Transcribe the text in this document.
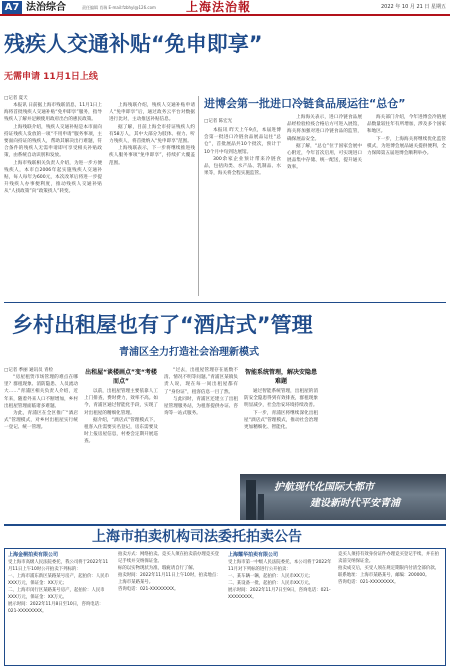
A7 法治综合	责任编辑 肖瑞 E-mail:fzbhyl@126.com	上海法治報	2022 年 10 月 21 日 星期五
残疾人交通补贴“免申即享”
无需申请 11月1日上线
□记者 夏天

本报讯 日前据上海市残联消息，11月1日上海将首批残疾人交通补贴“免申即享”服务，指导残疾人了解并足额使用政府出台的惠民政策。

上海残联介绍，残疾人交通补贴是本市面向持证残疾人发放的一项“不用申请”服务事项，主要面向持证的残疾人，帮助其解决出行难题，符合条件的残疾人无需申请即可享受相关补贴政策，由系统自动识别和发放。

上海市残联相关负责人介绍，为进一步方便残疾人，本市自2006年起实施残疾人交通补贴，每人每年为600元，本次改革后将进一步提升残疾人办事便利度，推动残疾人交通补贴从“人找政策”向“政策找人”转变。

上海残联介绍，残疾人交通补贴申请人“免申即享”后，通过政务云平台对数据进行比对，主动推送补贴信息。

据了解，目前上海全市持证残疾人约有58万人，其中大部分为肢体、视力、听力残疾人，将首批纳入“免申即享”范围。

上海残联表示，下一步将继续推进残疾人服务事项“免申即享”，持续扩大覆盖范围。

进博会第一批进口冷链食品展运往“总仓”
□记者 陈宏光

本报讯 昨天上午9点，本届进博会第一批进口冷链食品展品运往“总仓”，首批展品共10个批次，预计于10个月中旬到达展馆。

300余家企业预计带来冷链食品，包括肉类、水产品、乳制品、水果等，海关将全程实施监管。

上海海关表示，进口冷链食品展品经检验检疫合格后方可进入展馆，海关将加强对进口冷链食品的监管，确保展品安全。

据了解，“总仓”位于国家会展中心附近，今年首次启用，可实现进口展品集中存储、统一配送，提升通关效率。

海关部门介绍，今年进博会冷链展品数量较往年有所增加，涉及多个国家和地区。

下一步，上海海关将继续优化监管模式，为进博会展品通关提供便利，全力保障第五届进博会顺利举办。

乡村出租屋也有了“酒店式”管理
青浦区全力打造社会治理新模式
□记者 季丽 通讯员 青检

“房屋租赁市场管理的难点在哪里？群租现象、消防隐患、人员流动大……”青浦区相关负责人介绍，近年来，随着外来人口不断增加，乡村出租屋管理面临诸多难题。

为此，青浦区在全区推广“酒店式”管理模式，对乡村出租屋实行统一登记、统一管理。

出租屋“谈楼画点”变“考楼而点”

以前，出租屋管理主要依靠人工上门排查，费时费力，效率不高。如今，青浦区通过智能化手段，实现了对出租屋的精细化管理。

据介绍，“酒店式”管理模式下，租客入住需要实名登记，房东需要及时上报房屋信息，村委会定期开展巡查。

“过去，出租屋管理存在底数不清、情况不明等问题。”青浦区某镇负责人说，现在每一间出租屋都有了“身份证”，租客信息一目了然。

与此同时，青浦区还建立了出租屋管理服务站，为租客提供办证、咨询等一站式服务。

智能系统管理，解决安隐患难题

通过智能系统管理，出租屋的消防安全隐患得到有效排查，群租现象明显减少，社会治安环境持续改善。

下一步，青浦区将继续深化出租屋“酒店式”管理模式，推动社会治理更加精细化、智能化。

护航现代化国际大都市
建设新时代平安青浦
上海市拍卖机构司法委托拍卖公告
上海金桐拍卖有限公司

受上海市高级人民法院委托，我公司将于2022年11月11日上午10时公开拍卖下列标的：

一、上海市浦东新区某路某号房产，起拍价：人民币XXX万元，保证金：XX万元；

二、上海市闵行区某路某号房产，起拍价：人民币XXX万元，保证金：XX万元。

展示时间：2022年11月8日至10日，咨询电话：021-XXXXXXXX。

拍卖方式：网络拍卖。竞买人须在拍卖前办理竞买登记手续并交纳保证金。

标的以实物现状为准，瑕疵请自行了解。

拍卖时间：2022年11月11日上午10时，拍卖地点：上海市某路某号。

咨询电话：021-XXXXXXXX。

上海耀华拍卖有限公司

受上海市第一中级人民法院委托，本公司将于2022年11月对下列标的进行公开拍卖：

一、某车辆一辆，起拍价：人民币XX万元；

二、某设备一批，起拍价：人民币XX万元。

展示时间：2022年11月7日至9日，咨询电话：021-XXXXXXXX。

竞买人须持有效身份证件办理竞买登记手续，并在拍卖前交纳保证金。

拍卖成交后，买受人须在规定期限内付清全部价款。

联系地址：上海市某路某号，邮编：200000。

咨询电话：021-XXXXXXXX。
